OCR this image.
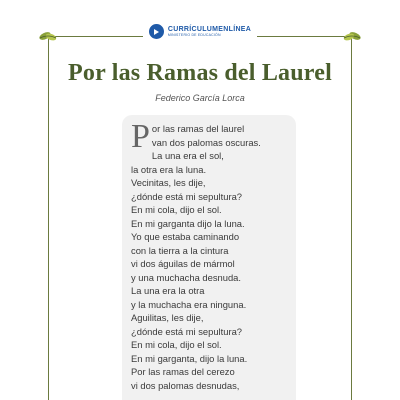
CURRÍCULUMENLÍNEA
MINISTERIO DE EDUCACIÓN
Por las Ramas del Laurel
Federico García Lorca
P or las ramas del laurel
van dos palomas oscuras.
La una era el sol,
la otra era la luna.
Vecinitas, les dije,
¿dónde está mi sepultura?
En mi cola, dijo el sol.
En mi garganta dijo la luna.
Yo que estaba caminando
con la tierra a la cintura
vi dos águilas de mármol
y una muchacha desnuda.
La una era la otra
y la muchacha era ninguna.
Aguilitas, les dije,
¿dónde está mi sepultura?
En mi cola, dijo el sol.
En mi garganta, dijo la luna.
Por las ramas del cerezo
vi dos palomas desnudas,
